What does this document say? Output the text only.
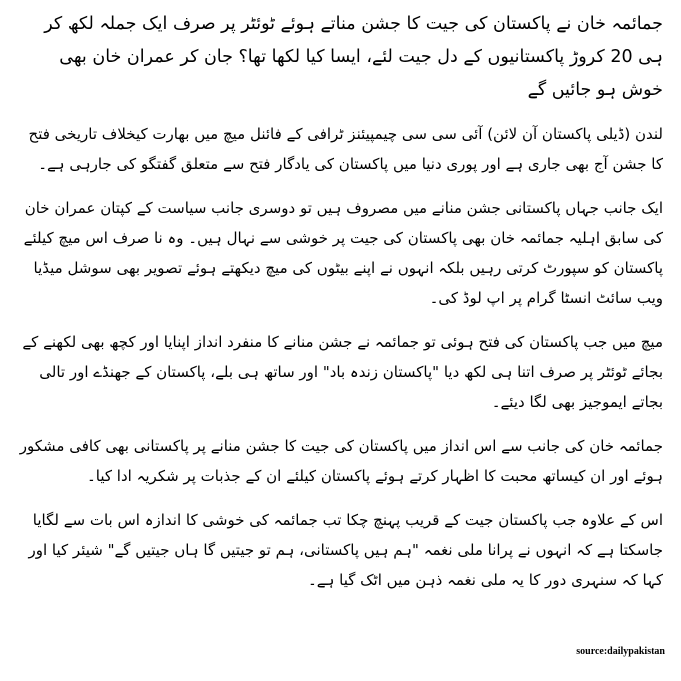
جمائمہ خان نے پاکستان کی جیت کا جشن مناتے ہوئے ٹوئٹر پر صرف ایک جملہ لکھ کر ہی 20 کروڑ پاکستانیوں کے دل جیت لئے، ایسا کیا لکھا تھا؟ جان کر عمران خان بھی خوش ہو جائیں گے
لندن (ڈیلی پاکستان آن لائن) آئی سی سی چیمپیئنز ٹرافی کے فائنل میچ میں بھارت کیخلاف تاریخی فتح کا جشن آج بھی جاری ہے اور پوری دنیا میں پاکستان کی یادگار فتح سے متعلق گفتگو کی جارہی ہے۔
ایک جانب جہاں پاکستانی جشن منانے میں مصروف ہیں تو دوسری جانب سیاست کے کپتان عمران خان کی سابق اہلیہ جمائمہ خان بھی پاکستان کی جیت پر خوشی سے نہال ہیں۔ وہ نا صرف اس میچ کیلئے پاکستان کو سپورٹ کرتی رہیں بلکہ انہوں نے اپنے بیٹوں کی میچ دیکھتے ہوئے تصویر بھی سوشل میڈیا ویب سائٹ انسٹا گرام پر اپ لوڈ کی۔
میچ میں جب پاکستان کی فتح ہوئی تو جمائمہ نے جشن منانے کا منفرد انداز اپنایا اور کچھ بھی لکھنے کے بجائے ٹوئٹر پر صرف اتنا ہی لکھ دیا "پاکستان زندہ باد" اور ساتھ ہی بلے، پاکستان کے جھنڈے اور تالی بجاتے ایموجیز بھی لگا دیئے۔
جمائمہ خان کی جانب سے اس انداز میں پاکستان کی جیت کا جشن منانے پر پاکستانی بھی کافی مشکور ہوئے اور ان کیساتھ محبت کا اظہار کرتے ہوئے پاکستان کیلئے ان کے جذبات پر شکریہ ادا کیا۔
اس کے علاوہ جب پاکستان جیت کے قریب پہنچ چکا تب جمائمہ کی خوشی کا اندازہ اس بات سے لگایا جاسکتا ہے کہ انہوں نے پرانا ملی نغمہ "ہم ہیں پاکستانی، ہم تو جیتیں گا ہاں جیتیں گے" شیئر کیا اور کہا کہ سنہری دور کا یہ ملی نغمہ ذہن میں اٹک گیا ہے۔
source:dailypakistan
